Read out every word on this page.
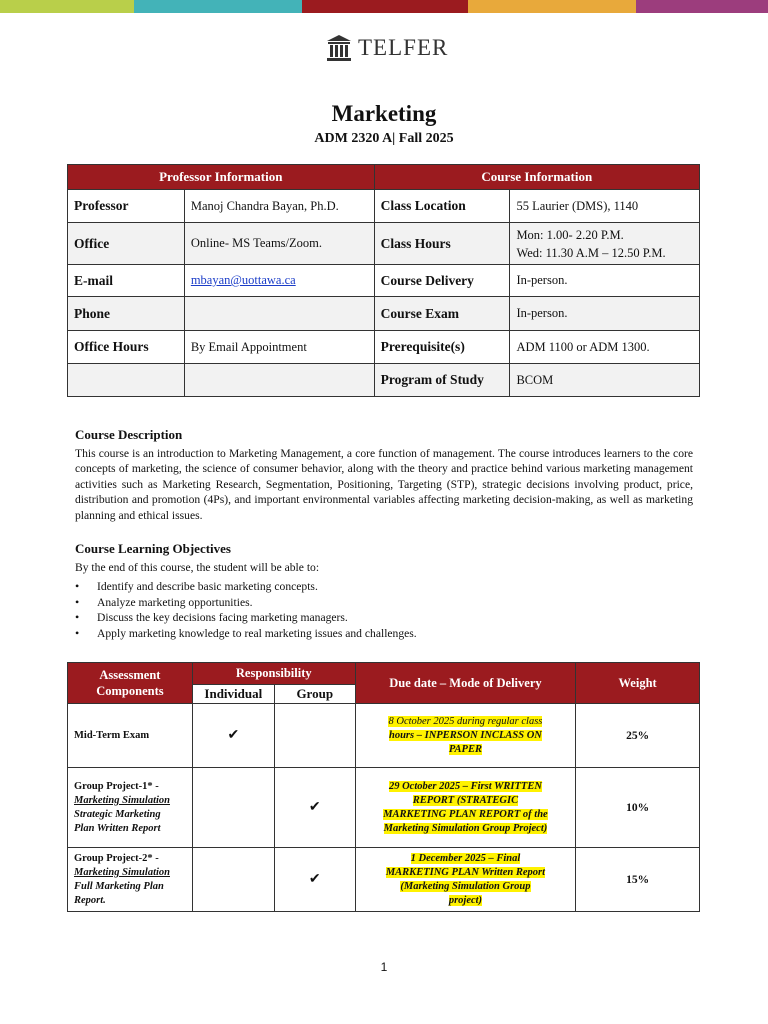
TELFER
Marketing
ADM 2320 A| Fall 2025
Professor Information		Course Information	
Professor	Manoj Chandra Bayan, Ph.D.	Class Location	55 Laurier (DMS), 1140
Office	Online- MS Teams/Zoom.	Class Hours	Mon: 1.00- 2.20 P.M.
Wed: 11.30 A.M – 12.50 P.M.

E-mail	mbayan@uottawa.ca	Course Delivery	In-person.
Phone		Course Exam	In-person.
Office Hours	By Email Appointment	Prerequisite(s)	ADM 1100 or ADM 1300.
		Program of Study	BCOM
Course Description
This course is an introduction to Marketing Management, a core function of management. The course introduces learners to the core concepts of marketing, the science of consumer behavior, along with the theory and practice behind various marketing management activities such as Marketing Research, Segmentation, Positioning, Targeting (STP), strategic decisions involving product, price, distribution and promotion (4Ps), and important environmental variables affecting marketing decision-making, as well as marketing planning and ethical issues.
Course Learning Objectives
By the end of this course, the student will be able to:
• Identify and describe basic marketing concepts.
• Analyze marketing opportunities.
• Discuss the key decisions facing marketing managers.
• Apply marketing knowledge to real marketing issues and challenges.
Assessment Components	Responsibility		Due date – Mode of Delivery	Weight
	Individual	Group		
Mid-Term Exam	✔		8 October 2025 during regular class
hours – INPERSON INCLASS ON
PAPER	25%
Group Project-1* -
Marketing Simulation
Strategic Marketing
Plan Written Report		✔	29 October 2025 – First WRITTEN
REPORT (STRATEGIC
MARKETING PLAN REPORT of the
Marketing Simulation Group Project)	10%
Group Project-2* -
Marketing Simulation
Full Marketing Plan
Report.		✔	1 December 2025 – Final
MARKETING PLAN Written Report
(Marketing Simulation Group
project)	15%
1
